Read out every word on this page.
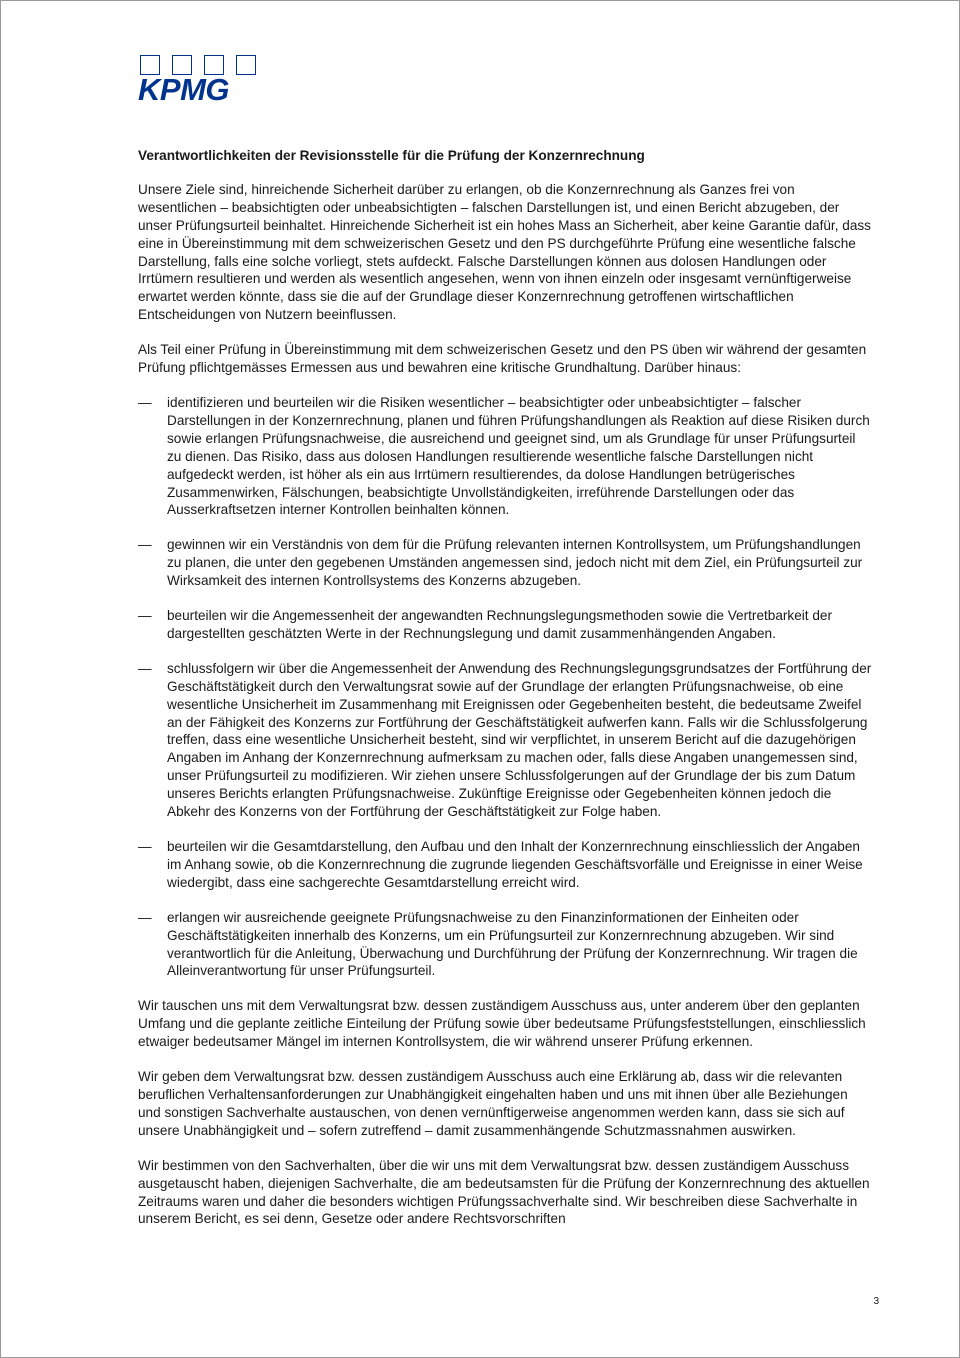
KPMG
Verantwortlichkeiten der Revisionsstelle für die Prüfung der Konzernrechnung
Unsere Ziele sind, hinreichende Sicherheit darüber zu erlangen, ob die Konzernrechnung als Ganzes frei von wesentlichen – beabsichtigten oder unbeabsichtigten – falschen Darstellungen ist, und einen Bericht abzugeben, der unser Prüfungsurteil beinhaltet. Hinreichende Sicherheit ist ein hohes Mass an Sicherheit, aber keine Garantie dafür, dass eine in Übereinstimmung mit dem schweizerischen Gesetz und den PS durchgeführte Prüfung eine wesentliche falsche Darstellung, falls eine solche vorliegt, stets aufdeckt. Falsche Darstellungen können aus dolosen Handlungen oder Irrtümern resultieren und werden als wesentlich angesehen, wenn von ihnen einzeln oder insgesamt vernünftigerweise erwartet werden könnte, dass sie die auf der Grundlage dieser Konzernrechnung getroffenen wirtschaftlichen Entscheidungen von Nutzern beeinflussen.
Als Teil einer Prüfung in Übereinstimmung mit dem schweizerischen Gesetz und den PS üben wir während der gesamten Prüfung pflichtgemässes Ermessen aus und bewahren eine kritische Grundhaltung. Darüber hinaus:
— identifizieren und beurteilen wir die Risiken wesentlicher – beabsichtigter oder unbeabsichtigter – falscher Darstellungen in der Konzernrechnung, planen und führen Prüfungshandlungen als Reaktion auf diese Risiken durch sowie erlangen Prüfungsnachweise, die ausreichend und geeignet sind, um als Grundlage für unser Prüfungsurteil zu dienen. Das Risiko, dass aus dolosen Handlungen resultierende wesentliche falsche Darstellungen nicht aufgedeckt werden, ist höher als ein aus Irrtümern resultierendes, da dolose Handlungen betrügerisches Zusammenwirken, Fälschungen, beabsichtigte Unvollständigkeiten, irreführende Darstellungen oder das Ausserkraftsetzen interner Kontrollen beinhalten können.
— gewinnen wir ein Verständnis von dem für die Prüfung relevanten internen Kontrollsystem, um Prüfungshandlungen zu planen, die unter den gegebenen Umständen angemessen sind, jedoch nicht mit dem Ziel, ein Prüfungsurteil zur Wirksamkeit des internen Kontrollsystems des Konzerns abzugeben.
— beurteilen wir die Angemessenheit der angewandten Rechnungslegungsmethoden sowie die Vertretbarkeit der dargestellten geschätzten Werte in der Rechnungslegung und damit zusammenhängenden Angaben.
— schlussfolgern wir über die Angemessenheit der Anwendung des Rechnungslegungsgrundsatzes der Fortführung der Geschäftstätigkeit durch den Verwaltungsrat sowie auf der Grundlage der erlangten Prüfungsnachweise, ob eine wesentliche Unsicherheit im Zusammenhang mit Ereignissen oder Gegebenheiten besteht, die bedeutsame Zweifel an der Fähigkeit des Konzerns zur Fortführung der Geschäftstätigkeit aufwerfen kann. Falls wir die Schlussfolgerung treffen, dass eine wesentliche Unsicherheit besteht, sind wir verpflichtet, in unserem Bericht auf die dazugehörigen Angaben im Anhang der Konzernrechnung aufmerksam zu machen oder, falls diese Angaben unangemessen sind, unser Prüfungsurteil zu modifizieren. Wir ziehen unsere Schlussfolgerungen auf der Grundlage der bis zum Datum unseres Berichts erlangten Prüfungsnachweise. Zukünftige Ereignisse oder Gegebenheiten können jedoch die Abkehr des Konzerns von der Fortführung der Geschäftstätigkeit zur Folge haben.
— beurteilen wir die Gesamtdarstellung, den Aufbau und den Inhalt der Konzernrechnung einschliesslich der Angaben im Anhang sowie, ob die Konzernrechnung die zugrunde liegenden Geschäftsvorfälle und Ereignisse in einer Weise wiedergibt, dass eine sachgerechte Gesamtdarstellung erreicht wird.
— erlangen wir ausreichende geeignete Prüfungsnachweise zu den Finanzinformationen der Einheiten oder Geschäftstätigkeiten innerhalb des Konzerns, um ein Prüfungsurteil zur Konzernrechnung abzugeben. Wir sind verantwortlich für die Anleitung, Überwachung und Durchführung der Prüfung der Konzernrechnung. Wir tragen die Alleinverantwortung für unser Prüfungsurteil.
Wir tauschen uns mit dem Verwaltungsrat bzw. dessen zuständigem Ausschuss aus, unter anderem über den geplanten Umfang und die geplante zeitliche Einteilung der Prüfung sowie über bedeutsame Prüfungsfeststellungen, einschliesslich etwaiger bedeutsamer Mängel im internen Kontrollsystem, die wir während unserer Prüfung erkennen.
Wir geben dem Verwaltungsrat bzw. dessen zuständigem Ausschuss auch eine Erklärung ab, dass wir die relevanten beruflichen Verhaltensanforderungen zur Unabhängigkeit eingehalten haben und uns mit ihnen über alle Beziehungen und sonstigen Sachverhalte austauschen, von denen vernünftigerweise angenommen werden kann, dass sie sich auf unsere Unabhängigkeit und – sofern zutreffend – damit zusammenhängende Schutzmassnahmen auswirken.
Wir bestimmen von den Sachverhalten, über die wir uns mit dem Verwaltungsrat bzw. dessen zuständigem Ausschuss ausgetauscht haben, diejenigen Sachverhalte, die am bedeutsamsten für die Prüfung der Konzernrechnung des aktuellen Zeitraums waren und daher die besonders wichtigen Prüfungssachverhalte sind. Wir beschreiben diese Sachverhalte in unserem Bericht, es sei denn, Gesetze oder andere Rechtsvorschriften
3
